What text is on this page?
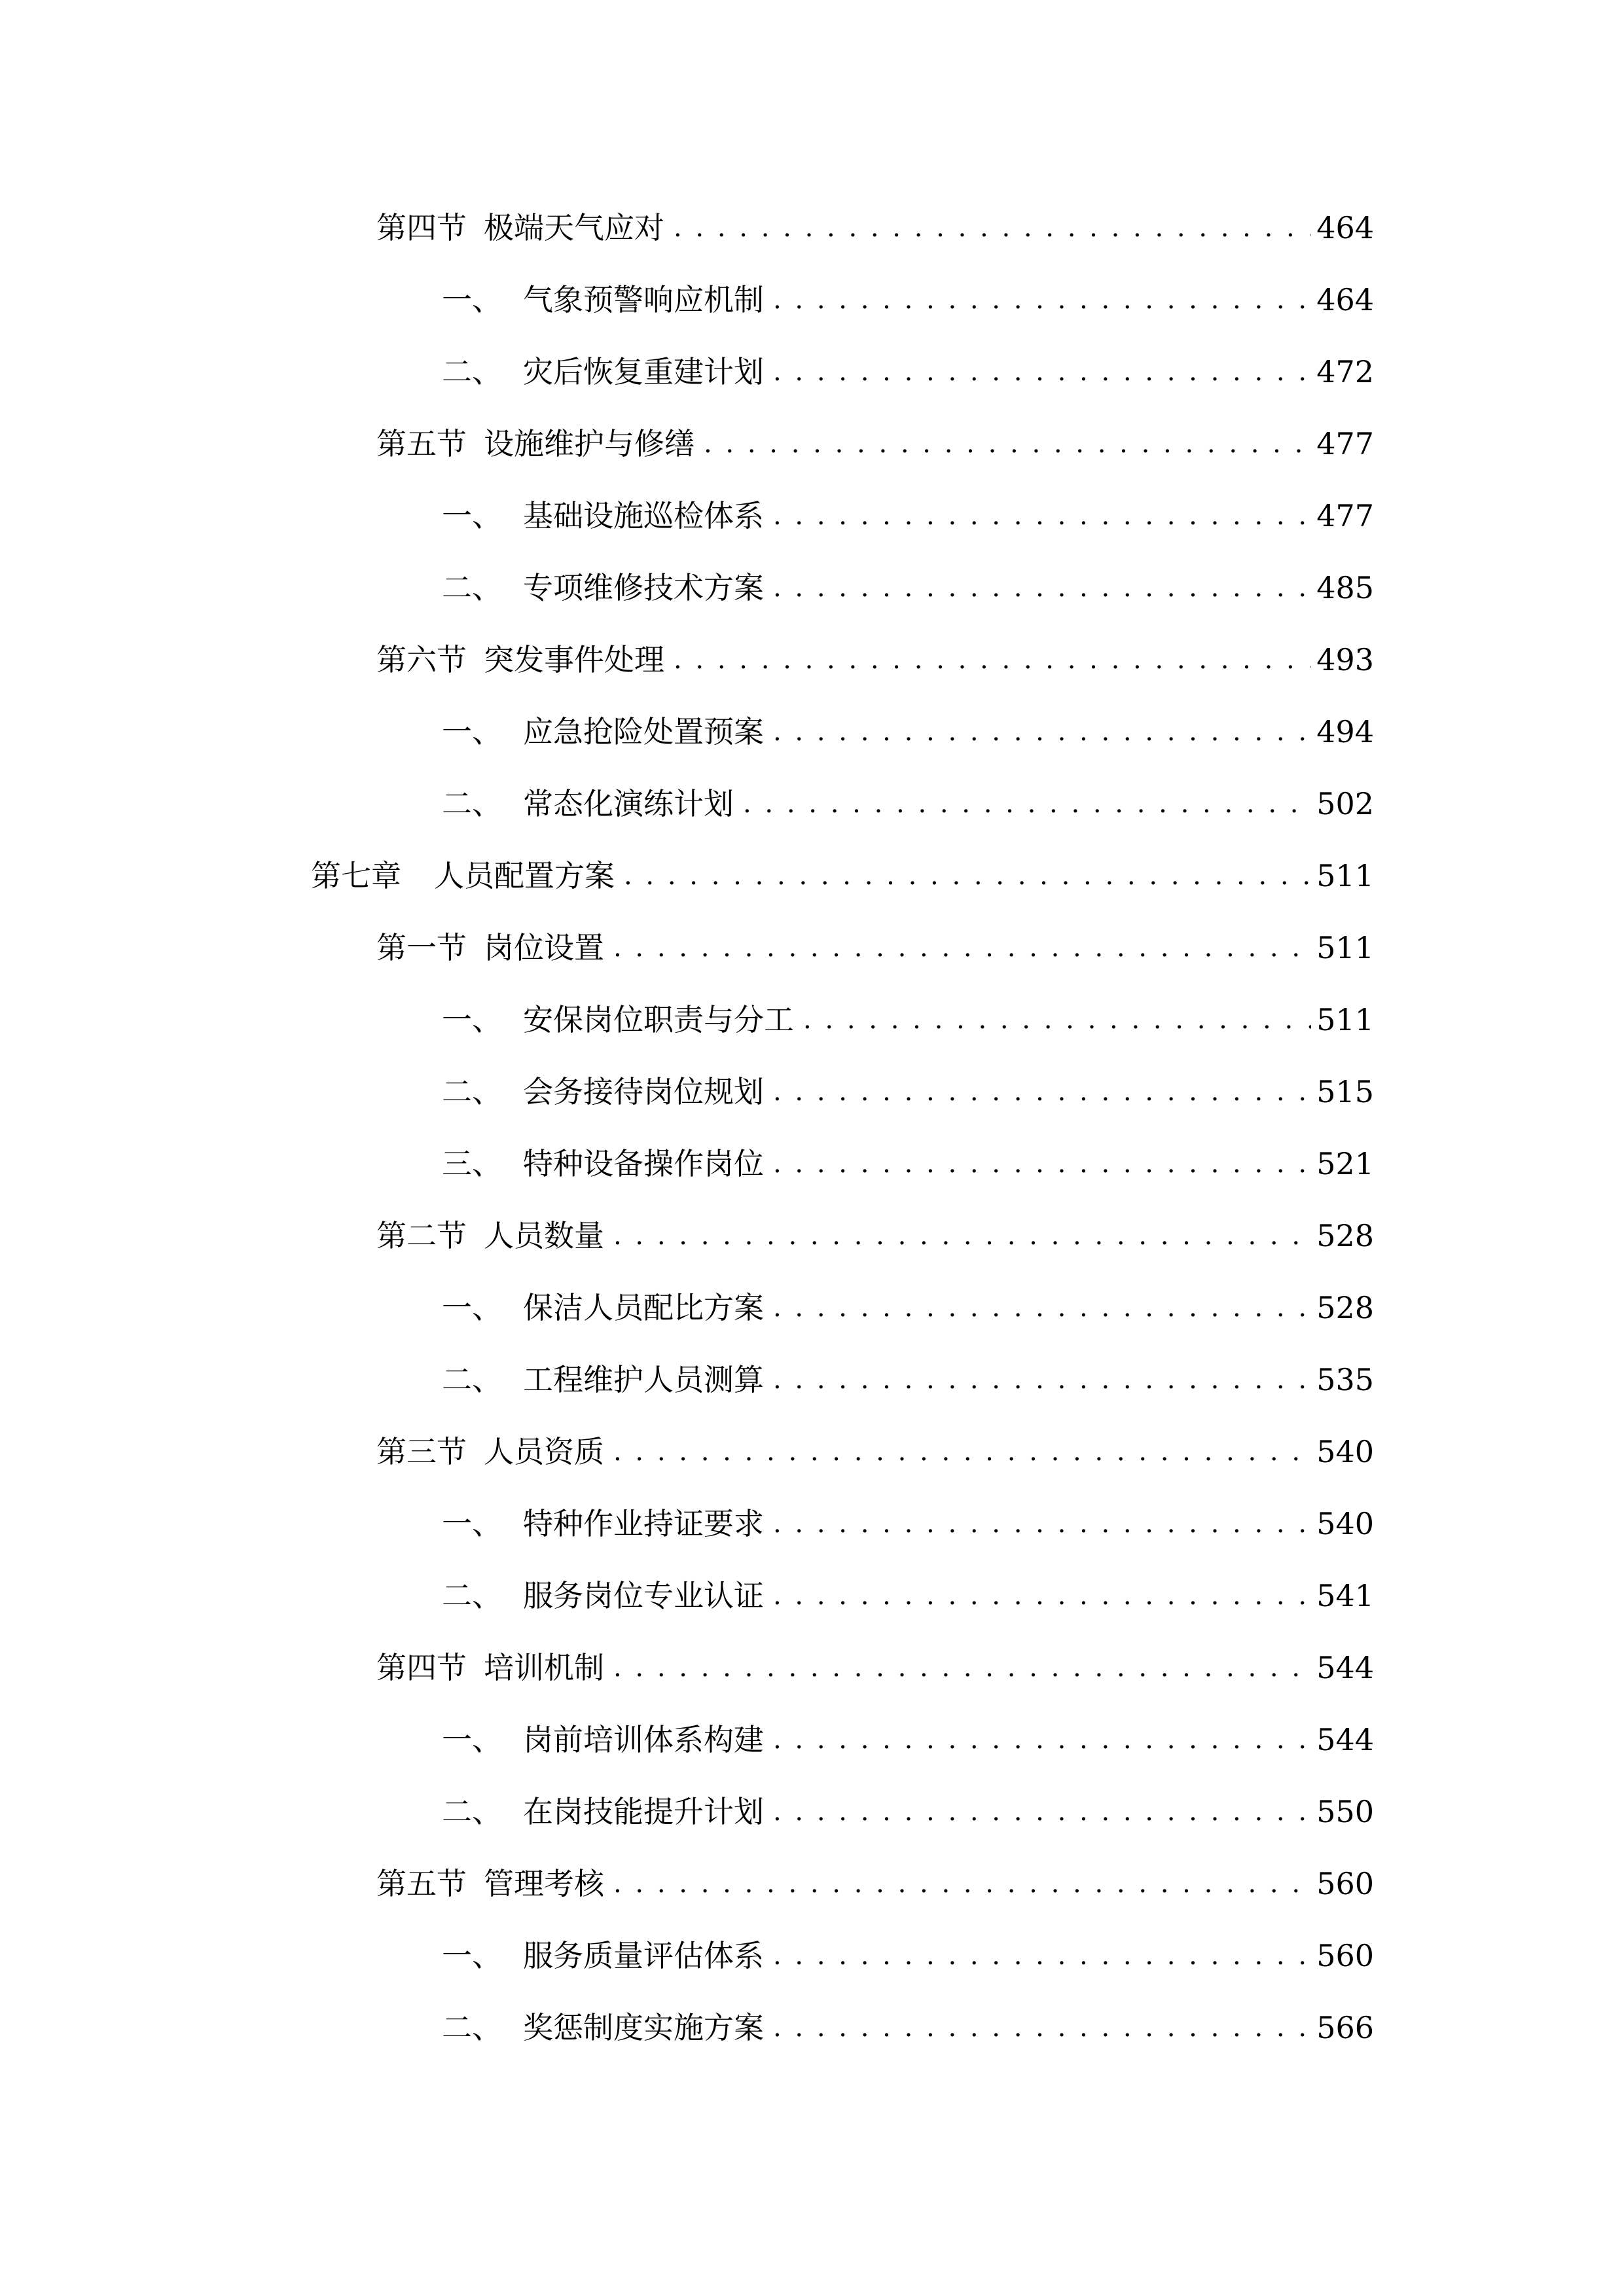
第四节 极端天气应对 . . .	464
一、 气象预警响应机制 . . .	464
二、 灾后恢复重建计划 . . .	472
第五节 设施维护与修缮 . . .	477
一、 基础设施巡检体系 . . .	477
二、 专项维修技术方案 . . .	485
第六节 突发事件处理 . . .	493
一、 应急抢险处置预案 . . .	494
二、 常态化演练计划 . . .	502
第七章	人员配置方案 . . .	511
第一节 岗位设置 . . .	511
一、 安保岗位职责与分工 . . .	511
二、 会务接待岗位规划 . . .	515
三、 特种设备操作岗位 . . .	521
第二节 人员数量 . . .	528
一、 保洁人员配比方案 . . .	528
二、 工程维护人员测算 . . .	535
第三节 人员资质 . . .	540
一、 特种作业持证要求 . . .	540
二、 服务岗位专业认证 . . .	541
第四节 培训机制 . . .	544
一、 岗前培训体系构建 . . .	544
二、 在岗技能提升计划 . . .	550
第五节 管理考核 . . .	560
一、 服务质量评估体系 . . .	560
二、 奖惩制度实施方案 . . .	566
